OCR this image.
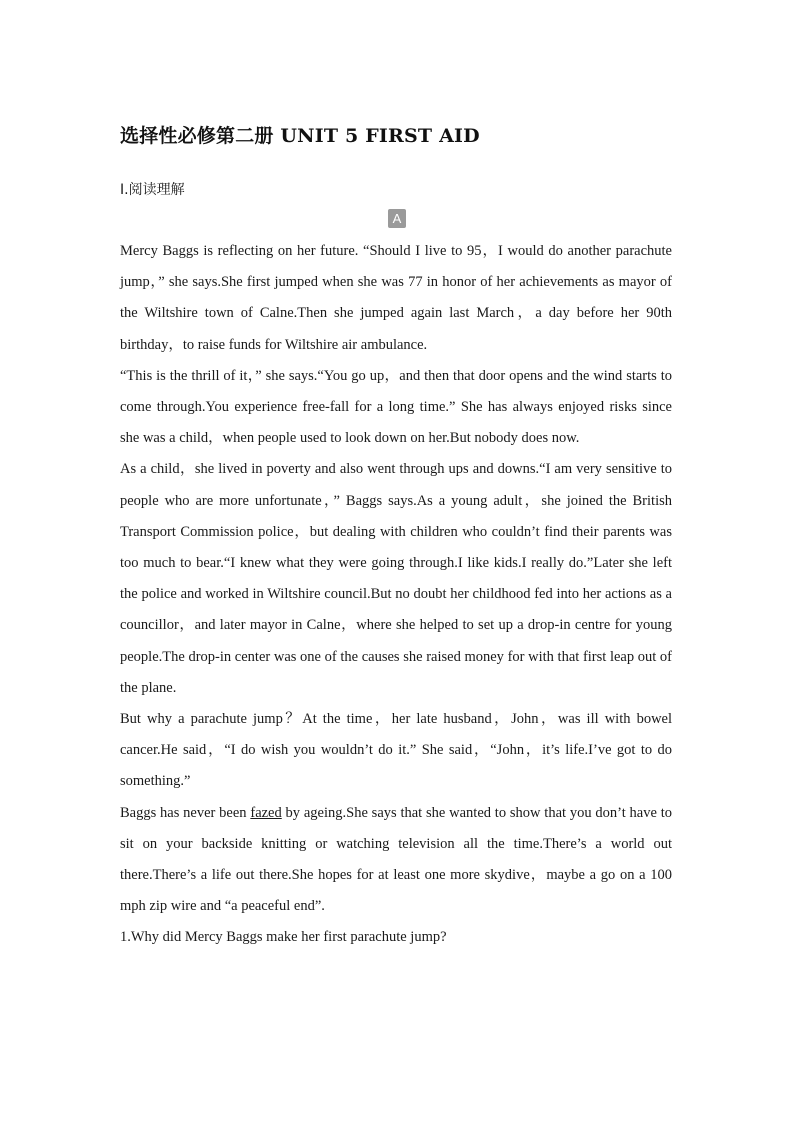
选择性必修第二册 UNIT 5 FIRST AID
Ⅰ.阅读理解
A

Mercy Baggs is reflecting on her future. “Should I live to 95，I would do another parachute jump，” she says.She first jumped when she was 77 in honor of her achievements as mayor of the Wiltshire town of Calne.Then she jumped again last March，a day before her 90th birthday，to raise funds for Wiltshire air ambulance.

“This is the thrill of it，” she says.“You go up，and then that door opens and the wind starts to come through.You experience free-fall for a long time.” She has always enjoyed risks since she was a child，when people used to look down on her.But nobody does now.

As a child，she lived in poverty and also went through ups and downs.“I am very sensitive to people who are more unfortunate，” Baggs says.As a young adult，she joined the British Transport Commission police，but dealing with children who couldn’t find their parents was too much to bear.“I knew what they were going through.I like kids.I really do.”Later she left the police and worked in Wiltshire council.But no doubt her childhood fed into her actions as a councillor，and later mayor in Calne，where she helped to set up a drop-in centre for young people.The drop-in center was one of the causes she raised money for with that first leap out of the plane.

But why a parachute jump？At the time，her late husband，John，was ill with bowel cancer.He said，“I do wish you wouldn’t do it.” She said，“John，it’s life.I’ve got to do something.”

Baggs has never been fazed by ageing.She says that she wanted to show that you don’t have to sit on your backside knitting or watching television all the time.There’s a world out there.There’s a life out there.She hopes for at least one more skydive，maybe a go on a 100 mph zip wire and “a peaceful end”.

1.Why did Mercy Baggs make her first parachute jump?
